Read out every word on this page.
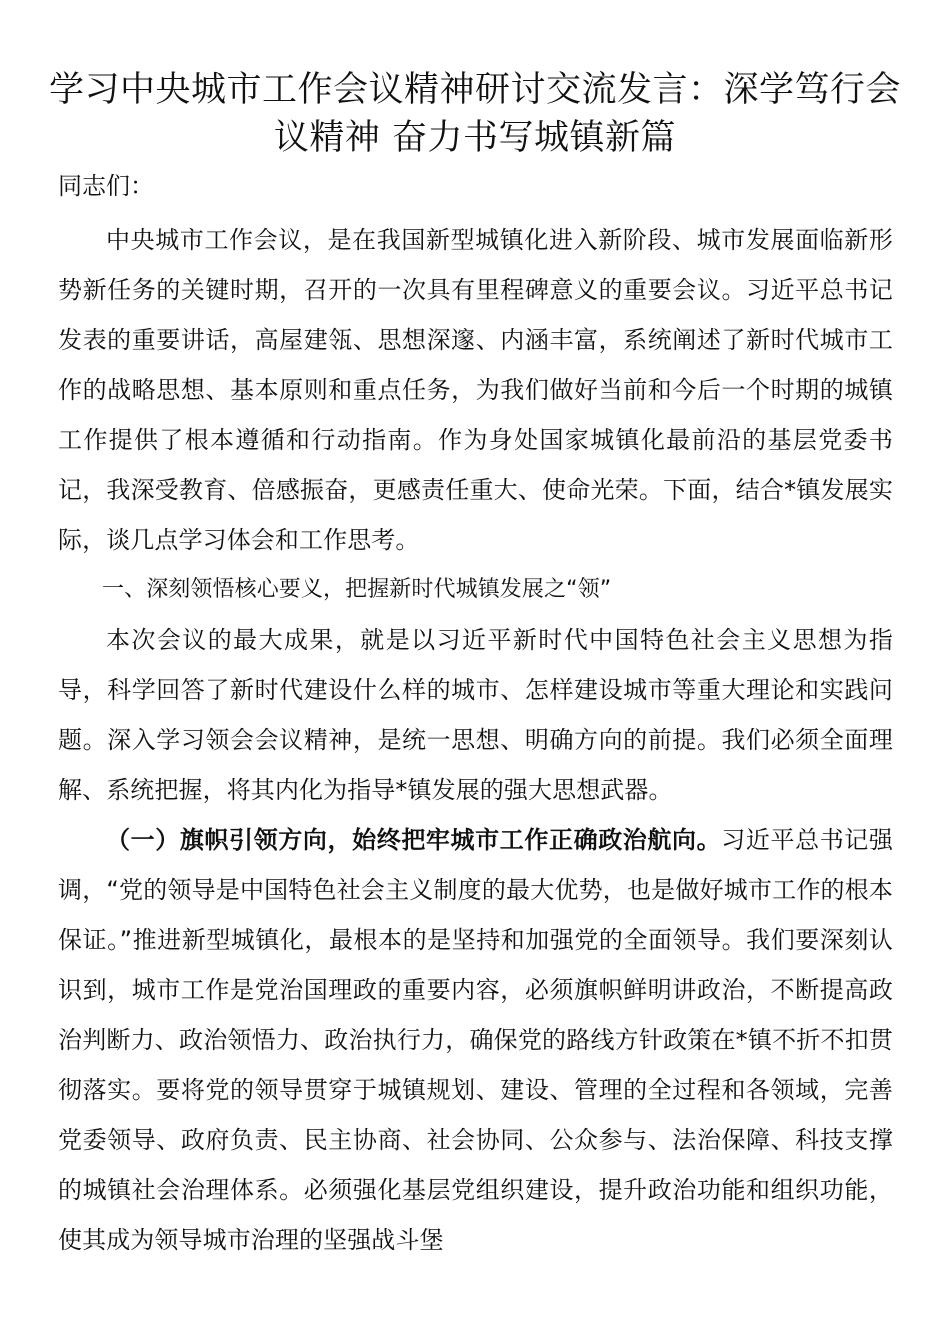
学习中央城市工作会议精神研讨交流发言：深学笃行会议精神 奋力书写城镇新篇

同志们：

中央城市工作会议，是在我国新型城镇化进入新阶段、城市发展面临新形势新任务的关键时期，召开的一次具有里程碑意义的重要会议。习近平总书记发表的重要讲话，高屋建瓴、思想深邃、内涵丰富，系统阐述了新时代城市工作的战略思想、基本原则和重点任务，为我们做好当前和今后一个时期的城镇工作提供了根本遵循和行动指南。作为身处国家城镇化最前沿的基层党委书记，我深受教育、倍感振奋，更感责任重大、使命光荣。下面，结合*镇发展实际，谈几点学习体会和工作思考。

一、深刻领悟核心要义，把握新时代城镇发展之“领”

本次会议的最大成果，就是以习近平新时代中国特色社会主义思想为指导，科学回答了新时代建设什么样的城市、怎样建设城市等重大理论和实践问题。深入学习领会会议精神，是统一思想、明确方向的前提。我们必须全面理解、系统把握，将其内化为指导*镇发展的强大思想武器。

（一）旗帜引领方向，始终把牢城市工作正确政治航向。习近平总书记强调，“党的领导是中国特色社会主义制度的最大优势，也是做好城市工作的根本保证。”推进新型城镇化，最根本的是坚持和加强党的全面领导。我们要深刻认识到，城市工作是党治国理政的重要内容，必须旗帜鲜明讲政治，不断提高政治判断力、政治领悟力、政治执行力，确保党的路线方针政策在*镇不折不扣贯彻落实。要将党的领导贯穿于城镇规划、建设、管理的全过程和各领域，完善党委领导、政府负责、民主协商、社会协同、公众参与、法治保障、科技支撑的城镇社会治理体系。必须强化基层党组织建设，提升政治功能和组织功能，使其成为领导城市治理的坚强战斗堡
